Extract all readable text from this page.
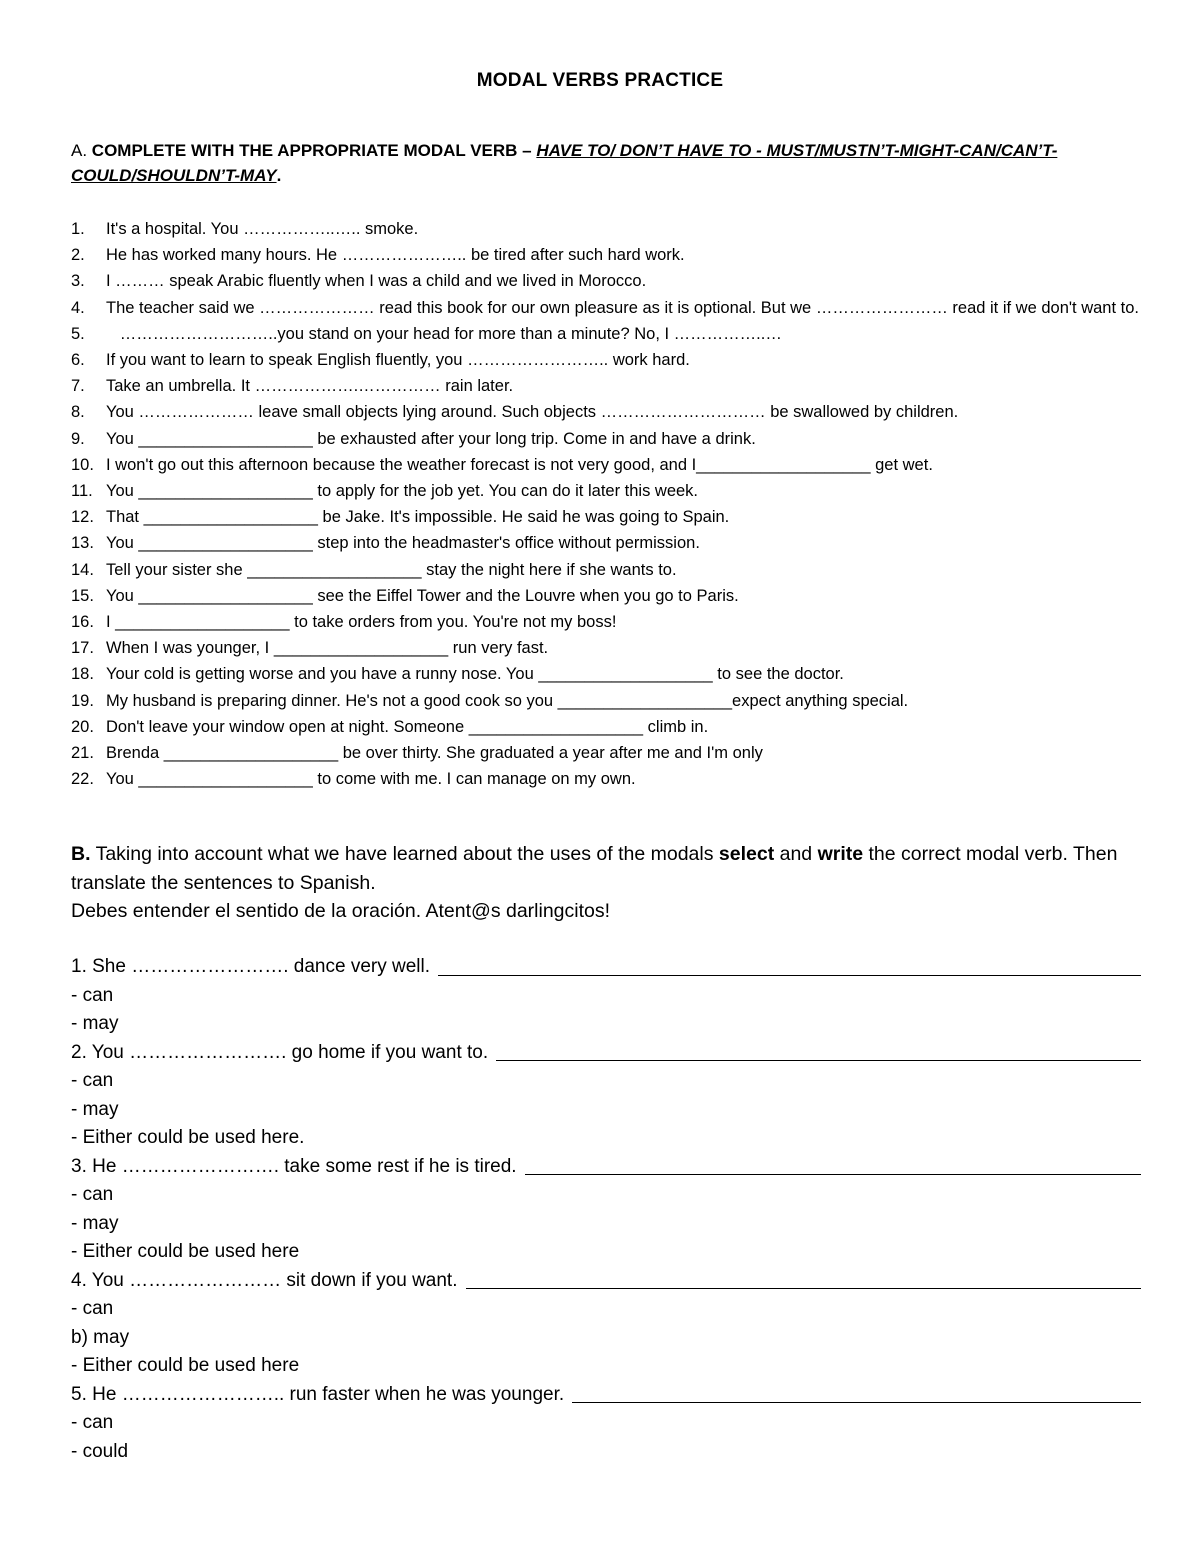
MODAL VERBS PRACTICE
A. COMPLETE WITH THE APPROPRIATE MODAL VERB – HAVE TO/ DON’T HAVE TO - MUST/MUSTN’T-MIGHT-CAN/CAN’T-COULD/SHOULDN’T-MAY.
1. It's a hospital. You ……………..….. smoke.
2. He has worked many hours. He ………………….. be tired after such hard work.
3. I ……… speak Arabic fluently when I was a child and we lived in Morocco.
4. The teacher said we ………………… read this book for our own pleasure as it is optional. But we …………………… read it if we don't want to.
5. ………………………..you stand on your head for more than a minute? No, I ……………..…
6. If you want to learn to speak English fluently, you …………………….. work hard.
7. Take an umbrella. It ……………….…………… rain later.
8. You ………………… leave small objects lying around. Such objects ………………………… be swallowed by children.
9. You ___________________ be exhausted after your long trip. Come in and have a drink.
10. I won't go out this afternoon because the weather forecast is not very good, and I___________________ get wet.
11. You ___________________ to apply for the job yet. You can do it later this week.
12. That ___________________ be Jake. It's impossible. He said he was going to Spain.
13. You ___________________ step into the headmaster's office without permission.
14. Tell your sister she ___________________ stay the night here if she wants to.
15. You ___________________ see the Eiffel Tower and the Louvre when you go to Paris.
16. I ___________________ to take orders from you. You're not my boss!
17. When I was younger, I ___________________ run very fast.
18. Your cold is getting worse and you have a runny nose. You ___________________ to see the doctor.
19. My husband is preparing dinner. He's not a good cook so you ___________________expect anything special.
20. Don't leave your window open at night. Someone ___________________ climb in.
21. Brenda ___________________ be over thirty. She graduated a year after me and I'm only
22. You ___________________ to come with me. I can manage on my own.
B. Taking into account what we have learned about the uses of the modals select and write the correct modal verb. Then translate the sentences to Spanish.
Debes entender el sentido de la oración. Atent@s darlingcitos!
1. She ……………………. dance very well.
- can
- may
2. You ……………………. go home if you want to.
- can
- may
- Either could be used here.
3. He ……………………. take some rest if he is tired.
- can
- may
- Either could be used here
4. You …………………… sit down if you want.
- can
b) may
- Either could be used here
5. He …………………….. run faster when he was younger.
- can
- could
